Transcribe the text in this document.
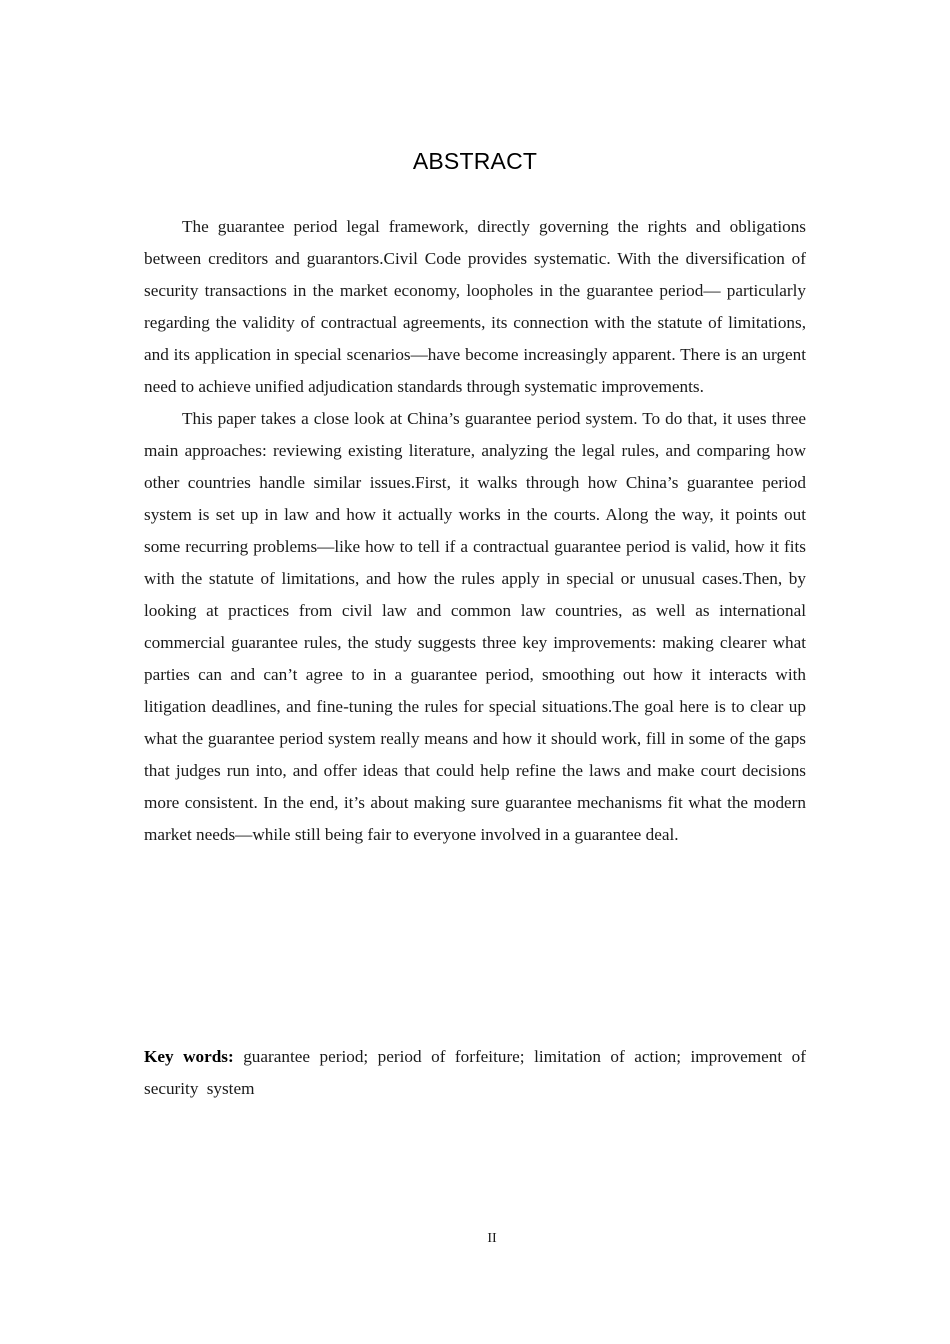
ABSTRACT

The guarantee period legal framework, directly governing the rights and obligations between creditors and guarantors.Civil Code provides systematic. With the diversification of security transactions in the market economy, loopholes in the guarantee period— particularly regarding the validity of contractual agreements, its connection with the statute of limitations, and its application in special scenarios—have become increasingly apparent. There is an urgent need to achieve unified adjudication standards through systematic improvements.

This paper takes a close look at China’s guarantee period system. To do that, it uses three main approaches: reviewing existing literature, analyzing the legal rules, and comparing how other countries handle similar issues.First, it walks through how China’s guarantee period system is set up in law and how it actually works in the courts. Along the way, it points out some recurring problems—like how to tell if a contractual guarantee period is valid, how it fits with the statute of limitations, and how the rules apply in special or unusual cases.Then, by looking at practices from civil law and common law countries, as well as international commercial guarantee rules, the study suggests three key improvements: making clearer what parties can and can’t agree to in a guarantee period, smoothing out how it interacts with litigation deadlines, and fine-tuning the rules for special situations.The goal here is to clear up what the guarantee period system really means and how it should work, fill in some of the gaps that judges run into, and offer ideas that could help refine the laws and make court decisions more consistent. In the end, it’s about making sure guarantee mechanisms fit what the modern market needs—while still being fair to everyone involved in a guarantee deal.

Key words: guarantee period; period of forfeiture; limitation of action; improvement of security system
II
